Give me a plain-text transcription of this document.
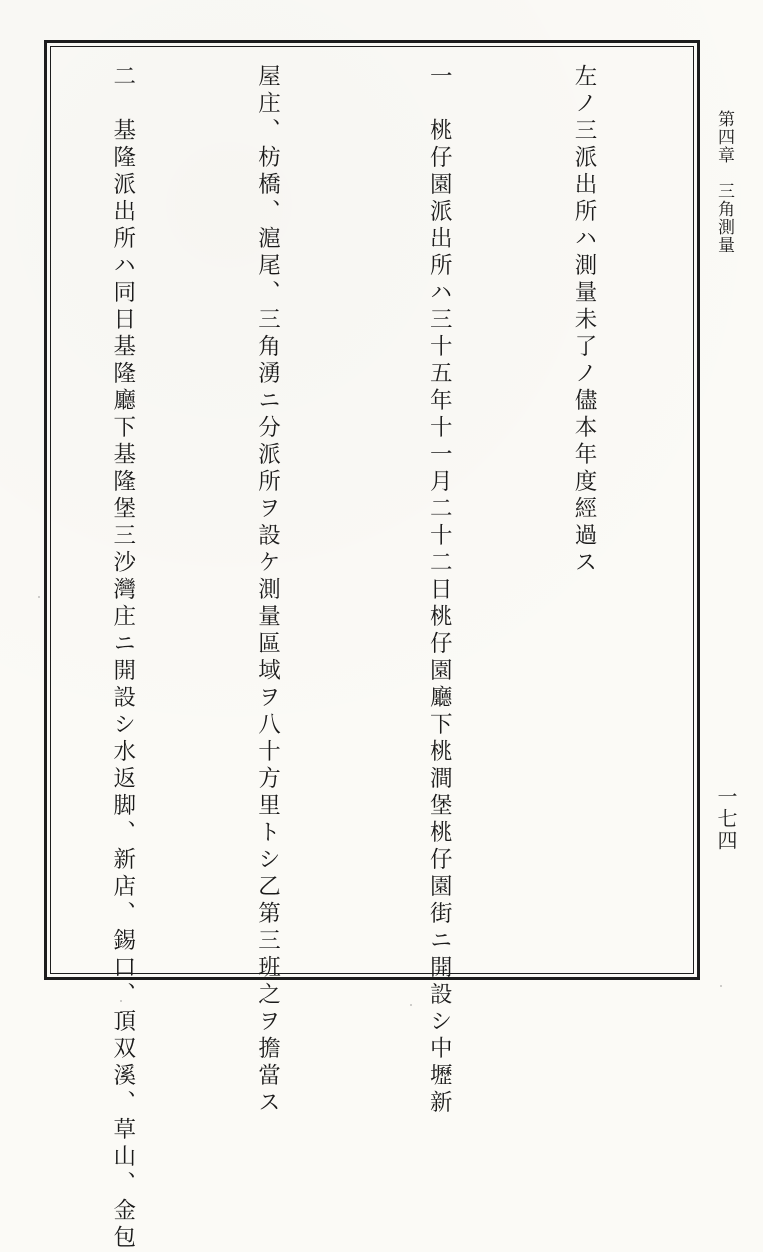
第四章　三角測量

左ノ三派出所ハ測量未了ノ儘本年度經過ス

一　桃仔園派出所ハ三十五年十一月二十二日桃仔園廳下桃澗堡桃仔園街ニ開設シ中壢新

屋庄、枋橋、滬尾、三角湧ニ分派所ヲ設ケ測量區域ヲ八十方里トシ乙第三班之ヲ擔當ス

二　基隆派出所ハ同日基隆廳下基隆堡三沙灣庄ニ開設シ水返脚、新店、錫口、頂双溪、草山、金包

	一七四
